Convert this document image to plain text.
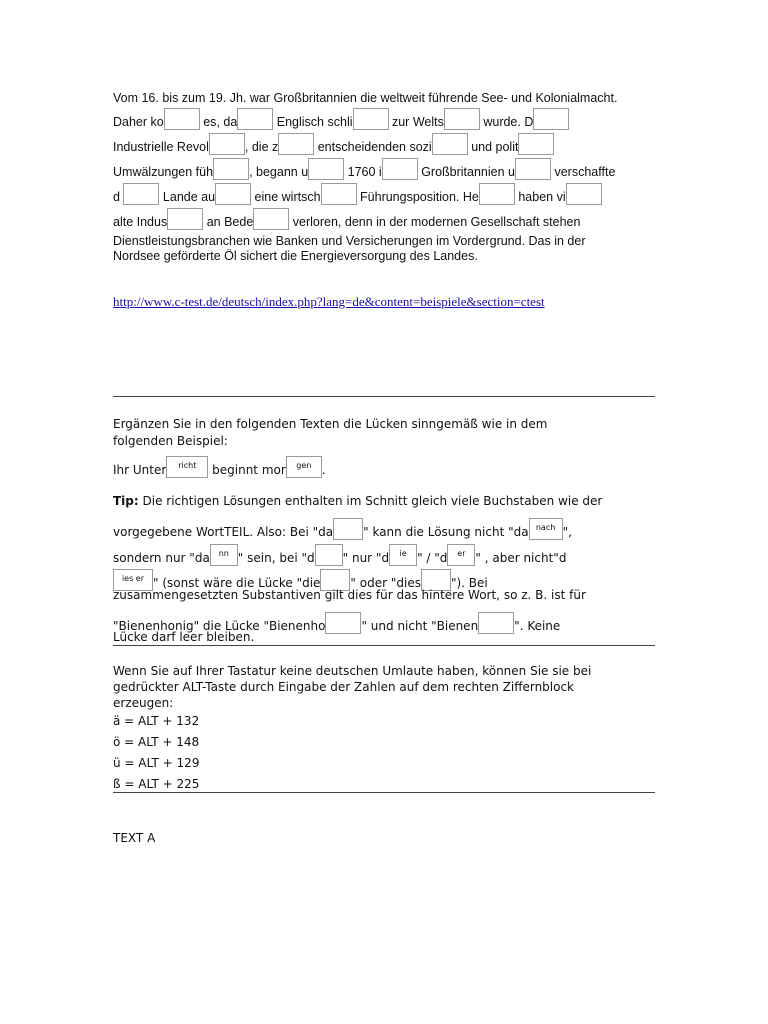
Vom 16. bis zum 19. Jh. war Großbritannien die weltweit führende See- und Kolonialmacht.
Daher ko	es, da	Englisch schli	zur Welts	wurde. D
Industrielle Revol	, die z	entscheidenden sozi	und polit
Umwälzungen füh	, begann u	1760 i	Großbritannien u	verschaffte
d	Lande au	eine wirtsch	Führungsposition. He	haben vi
alte Indus	an Bede	verloren, denn in der modernen Gesellschaft stehen
Dienstleistungsbranchen wie Banken und Versicherungen im Vordergrund. Das in der
Nordsee geförderte Öl sichert die Energieversorgung des Landes.
http://www.c-test.de/deutsch/index.php?lang=de&content=beispiele&section=ctest
Ergänzen Sie in den folgenden Texten die Lücken sinngemäß wie in dem
folgenden Beispiel:
Ihr Unter	richt	beginnt mor	gen .
Tip: Die richtigen Lösungen enthalten im Schnitt gleich viele Buchstaben wie der
vorgegebene WortTEIL. Also: Bei "da	" kann die Lösung nicht "da nach ",
sondern nur "da	nn " sein, bei "d " nur "d	ie " / "d	er " , aber nicht"d
ies er " (sonst wäre die Lücke "die	" oder "dies	"). Bei
zusammengesetzten Substantiven gilt dies für das hintere Wort, so z. B. ist für
"Bienenhonig" die Lücke "Bienenho	" und nicht "Bienen	". Keine
Lücke darf leer bleiben.
Wenn Sie auf Ihrer Tastatur keine deutschen Umlaute haben, können Sie sie bei
gedrückter ALT-Taste durch Eingabe der Zahlen auf dem rechten Ziffernblock
erzeugen:
ä = ALT + 132
ö = ALT + 148
ü = ALT + 129
ß = ALT + 225
TEXT A
